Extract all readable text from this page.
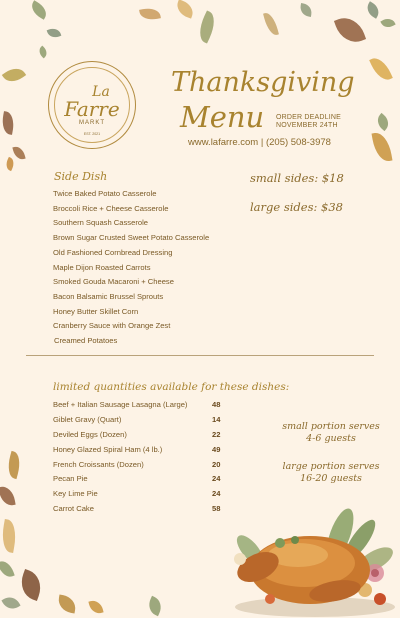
La
Farre
MARKT
EST. 2021
Thanksgiving
Menu ORDER DEADLINE
NOVEMBER 24TH
www.lafarre.com | (205) 508-3978
Side Dish	small sides: $18
large sides: $38
Twice Baked Potato Casserole
Broccoli Rice + Cheese Casserole
Southern Squash Casserole
Brown Sugar Crusted Sweet Potato Casserole
Old Fashioned Cornbread Dressing
Maple Dijon Roasted Carrots
Smoked Gouda Macaroni + Cheese
Bacon Balsamic Brussel Sprouts
Honey Butter Skillet Corn
Cranberry Sauce with Orange Zest
Creamed Potatoes
limited quantities available for these dishes:
Beef + Italian Sausage Lasagna (Large)	48
Giblet Gravy (Quart)	14
Deviled Eggs (Dozen)	22
Honey Glazed Spiral Ham (4 lb.)	49
French Croissants (Dozen)	20
Pecan Pie	24
Key Lime Pie	24
Carrot Cake	58
small portion serves
4-6 guests
large portion serves
16-20 guests
